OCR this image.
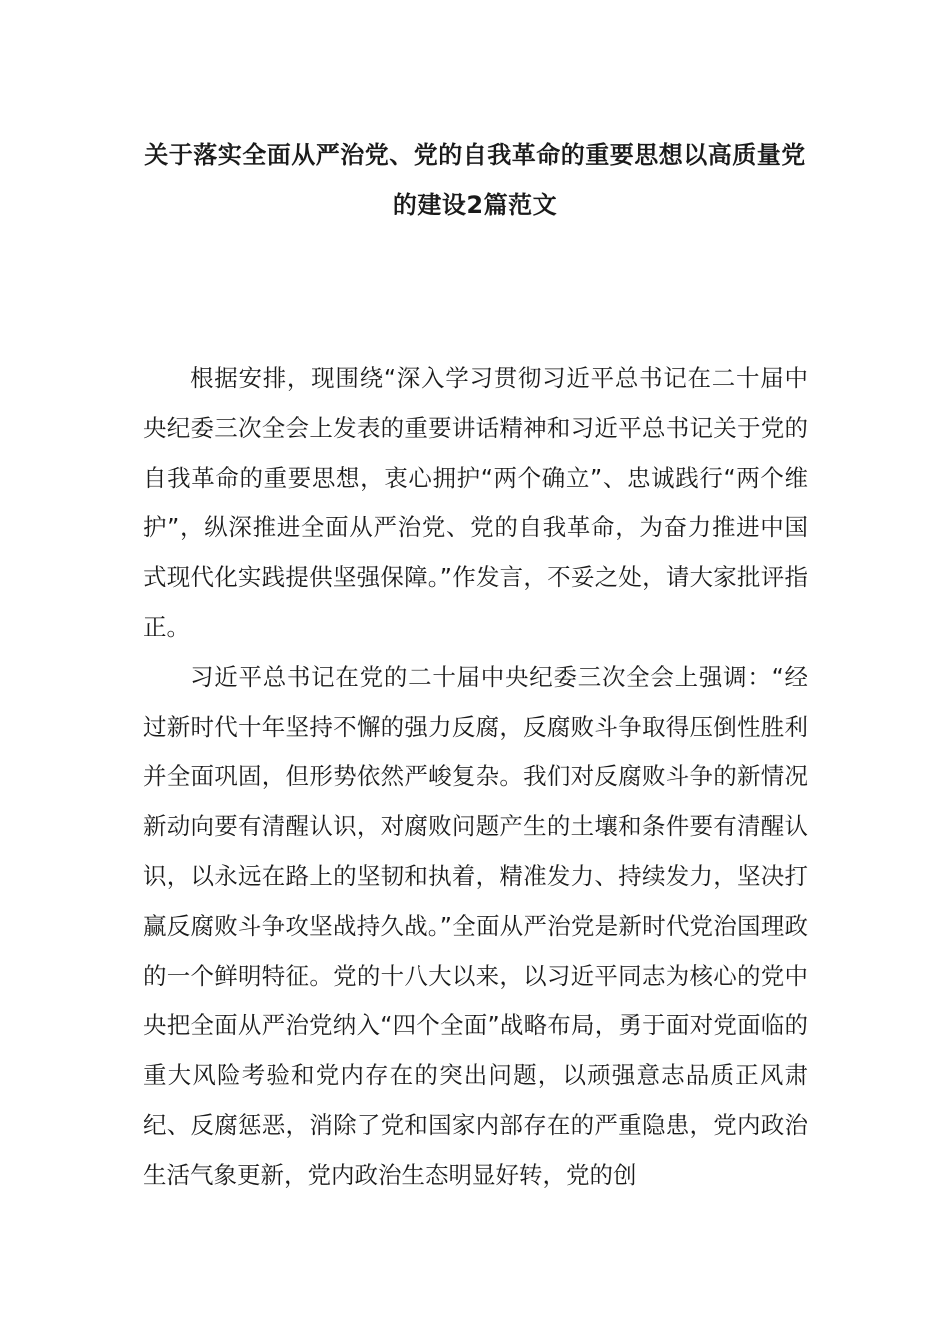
关于落实全面从严治党、党的自我革命的重要思想以高质量党的建设2篇范文

根据安排，现围绕“深入学习贯彻习近平总书记在二十届中央纪委三次全会上发表的重要讲话精神和习近平总书记关于党的自我革命的重要思想，衷心拥护“两个确立”、忠诚践行“两个维护”，纵深推进全面从严治党、党的自我革命，为奋力推进中国式现代化实践提供坚强保障。”作发言，不妥之处，请大家批评指正。

习近平总书记在党的二十届中央纪委三次全会上强调：“经过新时代十年坚持不懈的强力反腐，反腐败斗争取得压倒性胜利并全面巩固，但形势依然严峻复杂。我们对反腐败斗争的新情况新动向要有清醒认识，对腐败问题产生的土壤和条件要有清醒认识，以永远在路上的坚韧和执着，精准发力、持续发力，坚决打赢反腐败斗争攻坚战持久战。”全面从严治党是新时代党治国理政的一个鲜明特征。党的十八大以来，以习近平同志为核心的党中央把全面从严治党纳入“四个全面”战略布局，勇于面对党面临的重大风险考验和党内存在的突出问题，以顽强意志品质正风肃纪、反腐惩恶，消除了党和国家内部存在的严重隐患，党内政治生活气象更新，党内政治生态明显好转，党的创
